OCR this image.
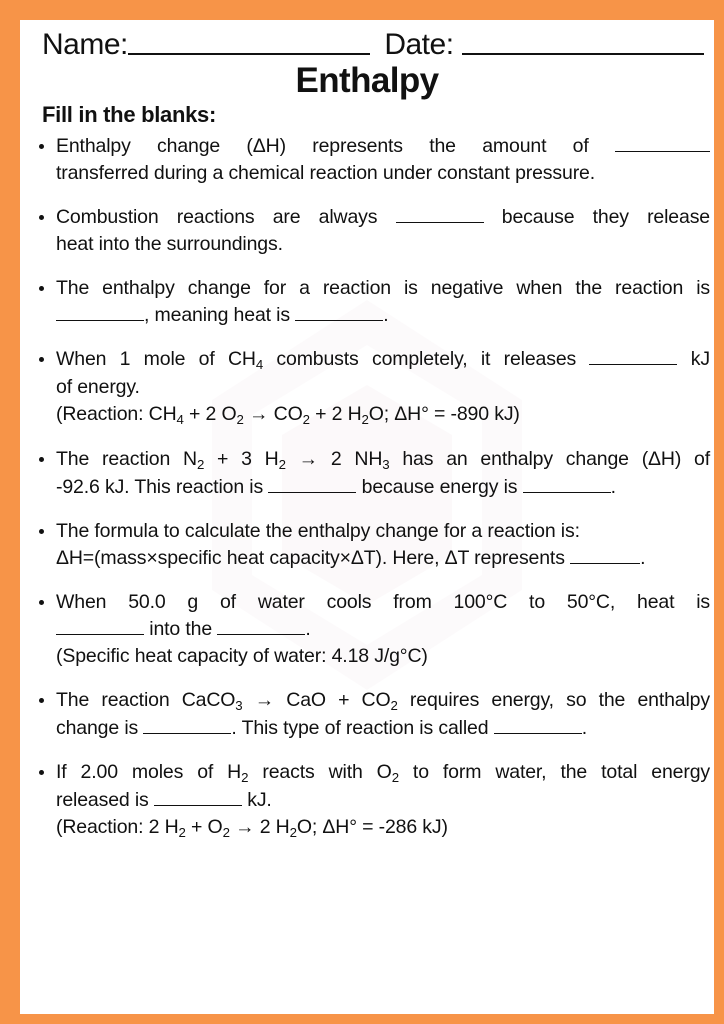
Name:	Date:
Enthalpy
Fill in the blanks:
Enthalpy change (ΔH) represents the amount of
transferred during a chemical reaction under constant pressure.
Combustion reactions are always	because they release
heat into the surroundings.
The enthalpy change for a reaction is negative when the reaction is
, meaning heat is	.
When 1 mole of $CH_4$ combusts completely, it releases	kJ
of energy.
(Reaction: $CH_4 + 2$ $O_2 \to CO_2 + 2$ $H_2O$; ΔH° = -890 kJ)
The reaction $N_2 + 3$ $H_2 \to 2$ $NH_3$ has an enthalpy change (ΔH) of
-92.6 kJ. This reaction is	because energy is	.
The formula to calculate the enthalpy change for a reaction is:
ΔH=(mass×specific heat capacity×ΔT). Here, ΔT represents	.
When 50.0 g of water cools from 100°C to 50°C, heat is
into the	.
(Specific heat capacity of water: 4.18 J/g°C)
The reaction CaCO$_3$ → CaO + $CO_2$ requires energy, so the enthalpy
change is	. This type of reaction is called	.
If 2.00 moles of $H_2$ reacts with $O_2$ to form water, the total energy
released is	kJ.
(Reaction: 2 $H_2 + O_2 \to 2$ $H_2O$; ΔH° = -286 kJ)
